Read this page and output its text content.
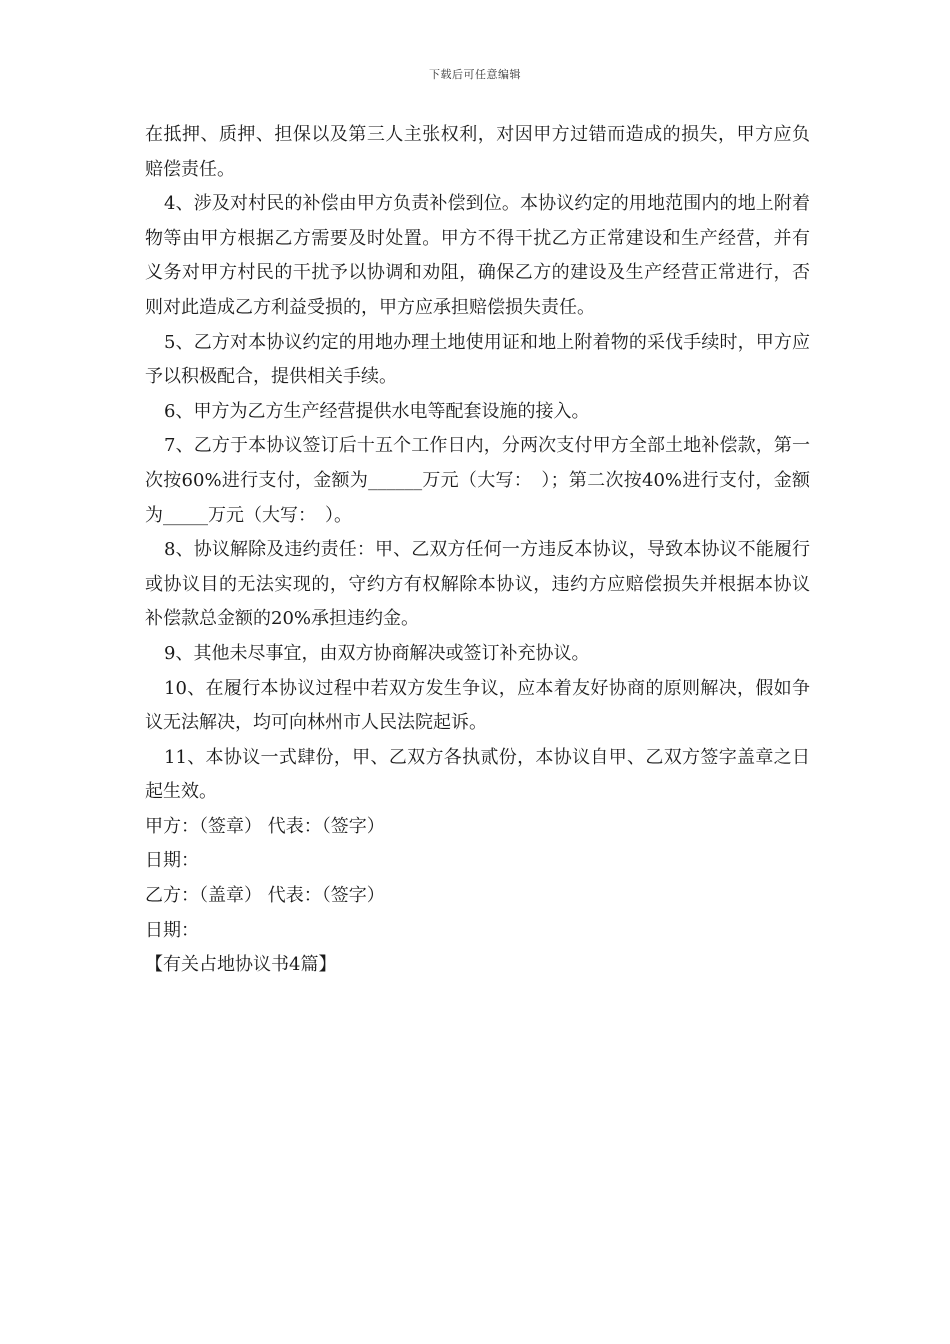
下载后可任意编辑

在抵押、质押、担保以及第三人主张权利，对因甲方过错而造成的损失，甲方应负赔偿责任。

4、涉及对村民的补偿由甲方负责补偿到位。本协议约定的用地范围内的地上附着物等由甲方根据乙方需要及时处置。甲方不得干扰乙方正常建设和生产经营，并有义务对甲方村民的干扰予以协调和劝阻，确保乙方的建设及生产经营正常进行，否则对此造成乙方利益受损的，甲方应承担赔偿损失责任。

5、乙方对本协议约定的用地办理土地使用证和地上附着物的采伐手续时，甲方应予以积极配合，提供相关手续。

6、甲方为乙方生产经营提供水电等配套设施的接入。

7、乙方于本协议签订后十五个工作日内，分两次支付甲方全部土地补偿款，第一次按60%进行支付，金额为______万元（大写：　）；第二次按40%进行支付，金额为_____万元（大写：　）。

8、协议解除及违约责任：甲、乙双方任何一方违反本协议，导致本协议不能履行或协议目的无法实现的，守约方有权解除本协议，违约方应赔偿损失并根据本协议补偿款总金额的20%承担违约金。

9、其他未尽事宜，由双方协商解决或签订补充协议。

10、在履行本协议过程中若双方发生争议，应本着友好协商的原则解决，假如争议无法解决，均可向林州市人民法院起诉。

11、本协议一式肆份，甲、乙双方各执贰份，本协议自甲、乙双方签字盖章之日起生效。

甲方：（签章） 代表：（签字）

日期：

乙方：（盖章） 代表：（签字）

日期：

【有关占地协议书4篇】
